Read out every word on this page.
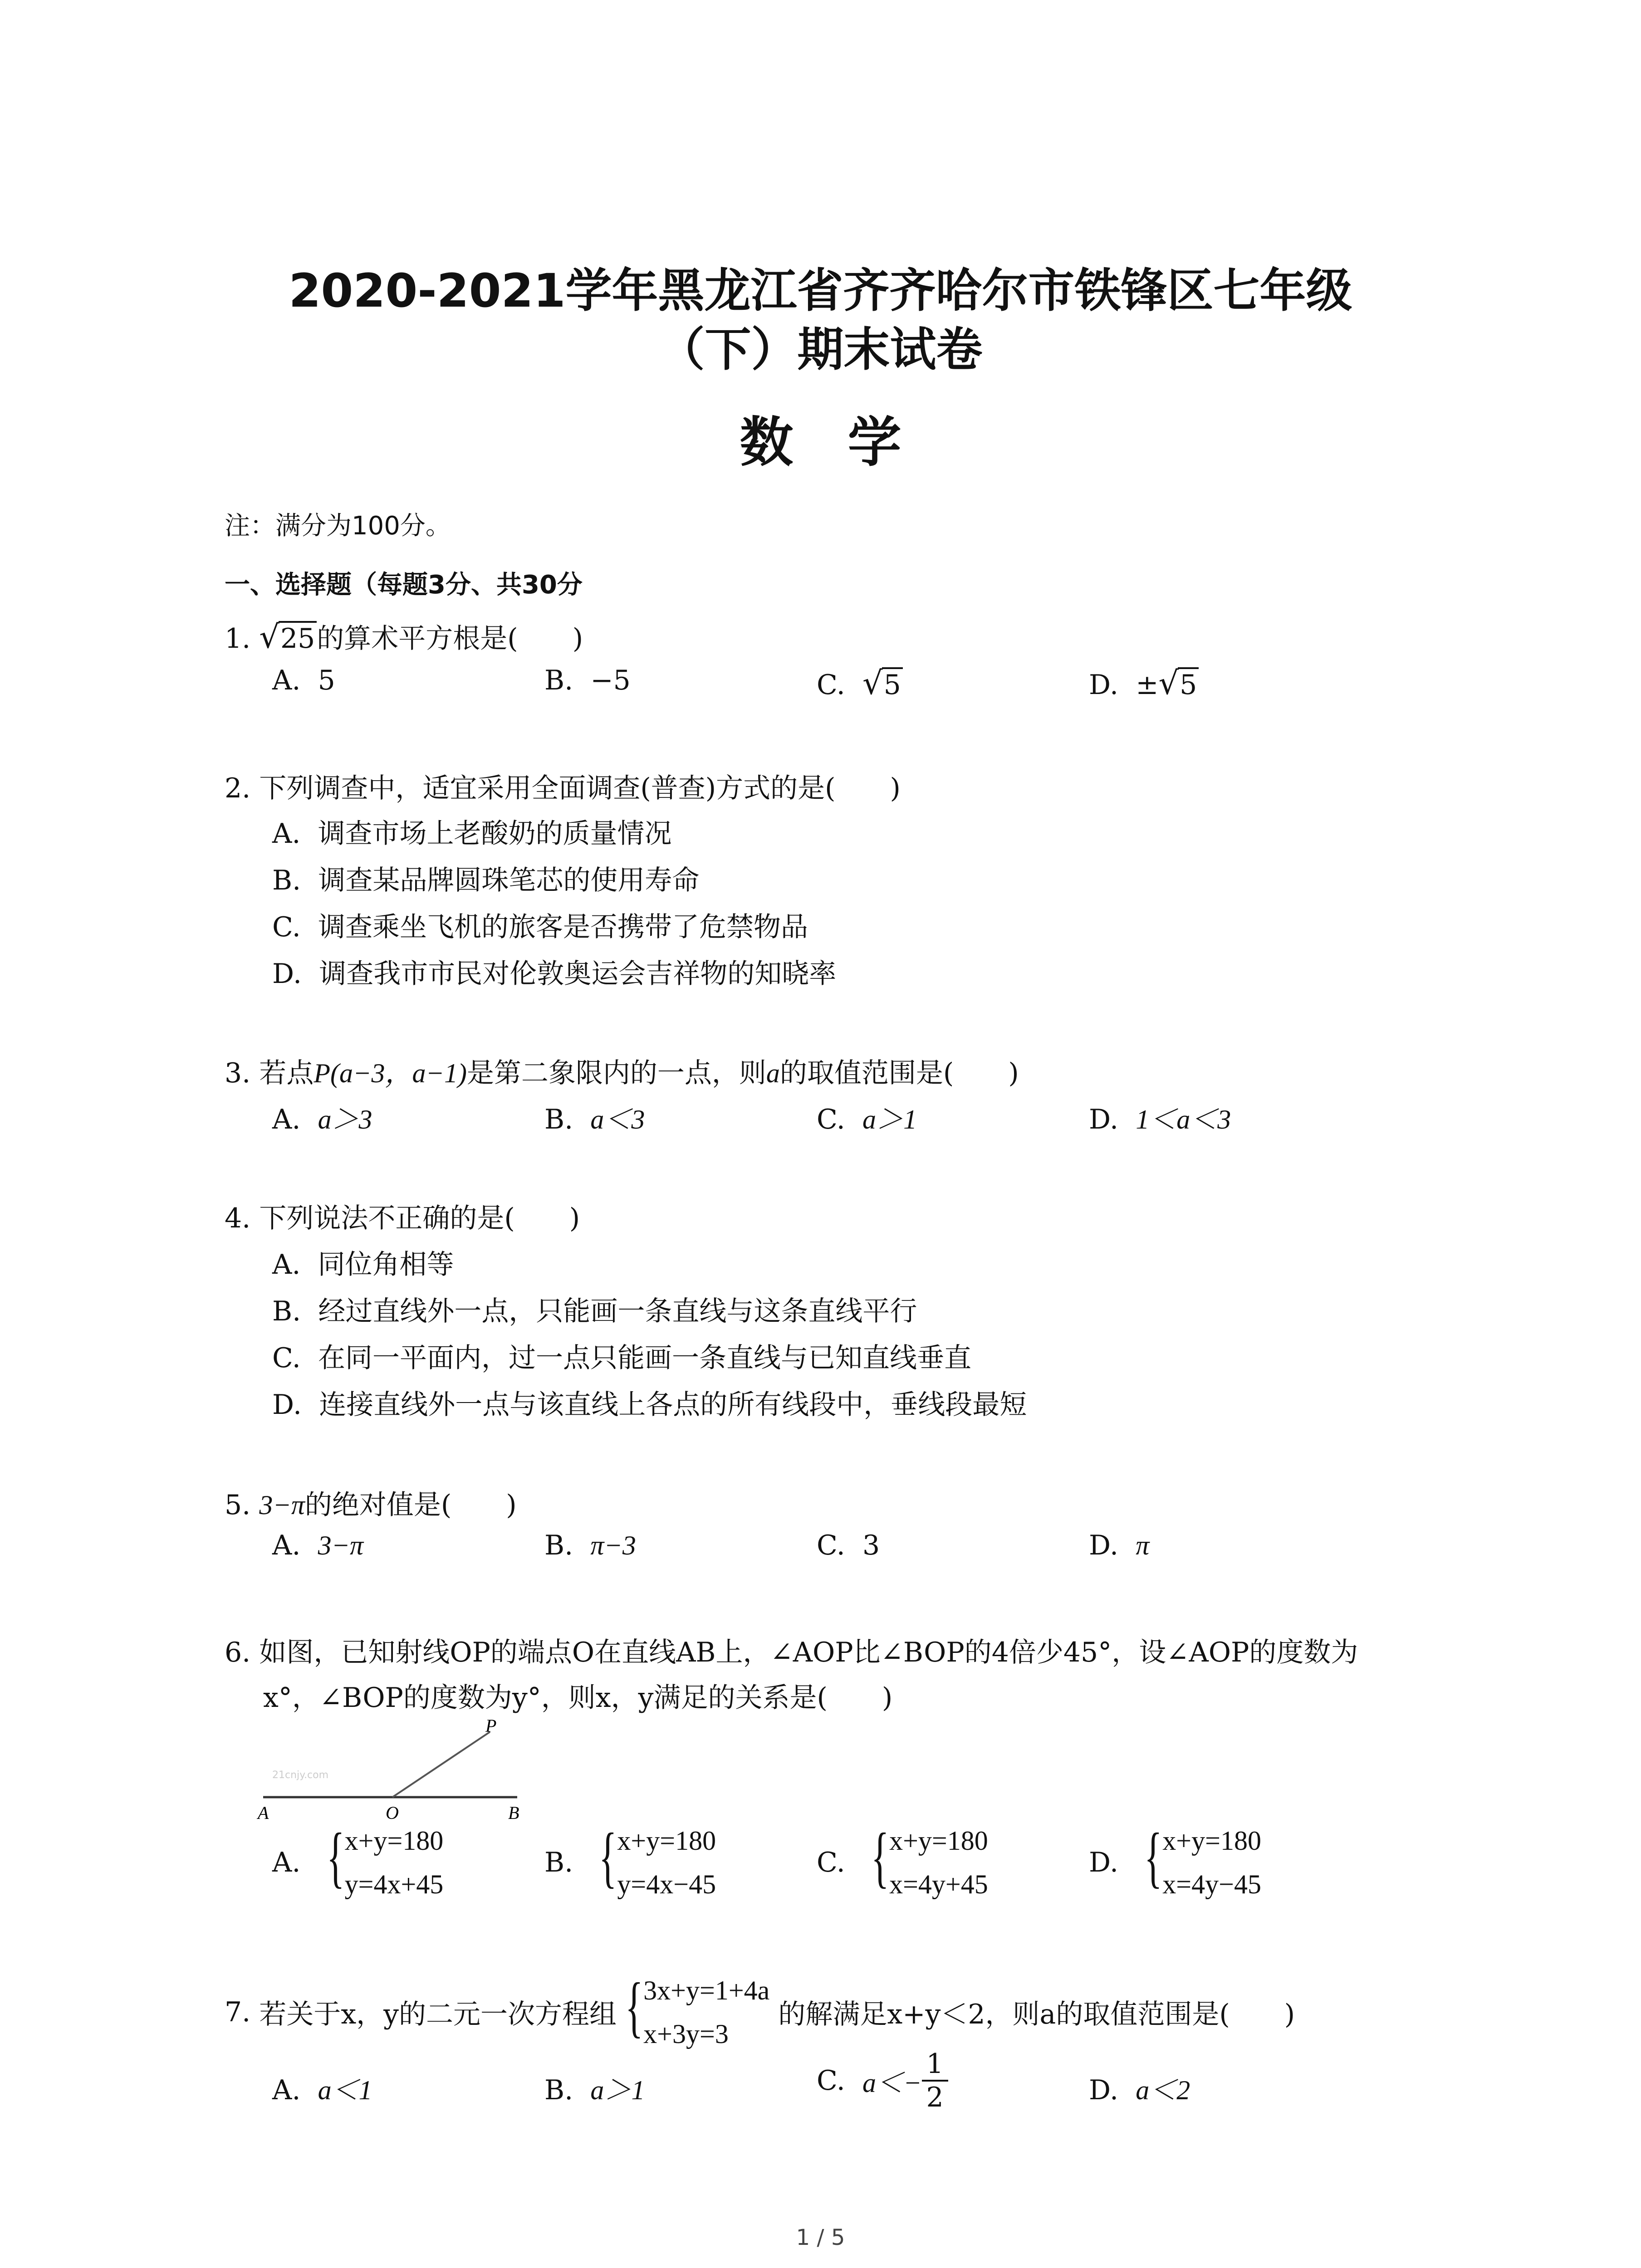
2020-2021学年黑龙江省齐齐哈尔市铁锋区七年级
（下）期末试卷
数学
注：满分为100分。
一、选择题（每题3分、共30分
1. √25的算术平方根是(　　)
A. 5	B. −5	C. √5	D. ±√5
2. 下列调查中，适宜采用全面调查(普查)方式的是(　　)
A. 调查市场上老酸奶的质量情况
B. 调查某品牌圆珠笔芯的使用寿命
C. 调查乘坐飞机的旅客是否携带了危禁物品
D. 调查我市市民对伦敦奥运会吉祥物的知晓率
3. 若点P(a−3，a−1)是第二象限内的一点，则a的取值范围是(　　)
A. a＞3	B. a＜3	C. a＞1	D. 1＜a＜3
4. 下列说法不正确的是(　　)
A. 同位角相等
B. 经过直线外一点，只能画一条直线与这条直线平行
C. 在同一平面内，过一点只能画一条直线与已知直线垂直
D. 连接直线外一点与该直线上各点的所有线段中，垂线段最短
5. 3−π的绝对值是(　　)
A. 3−π	B. π−3	C. 3	D. π
6. 如图，已知射线OP的端点O在直线AB上，∠AOP比∠BOP的4倍少45°，设∠AOP的度数为
x°，∠BOP的度数为y°，则x，y满足的关系是(　　)
21cnjy.com
A	O	B
P
A. { x+y=180
y=4x+45
B. { x+y=180
y=4x−45
C. { x+y=180
x=4y+45
D. { x+y=180
x=4y−45
7. 若关于x，y的二元一次方程组 { 3x+y=1+4a
x+3y=3
的解满足x+y＜2，则a的取值范围是(　　)
A. a＜1	B. a＞1	C. $a<- \frac{1}{2}$	D. a＜2
1 / 5
